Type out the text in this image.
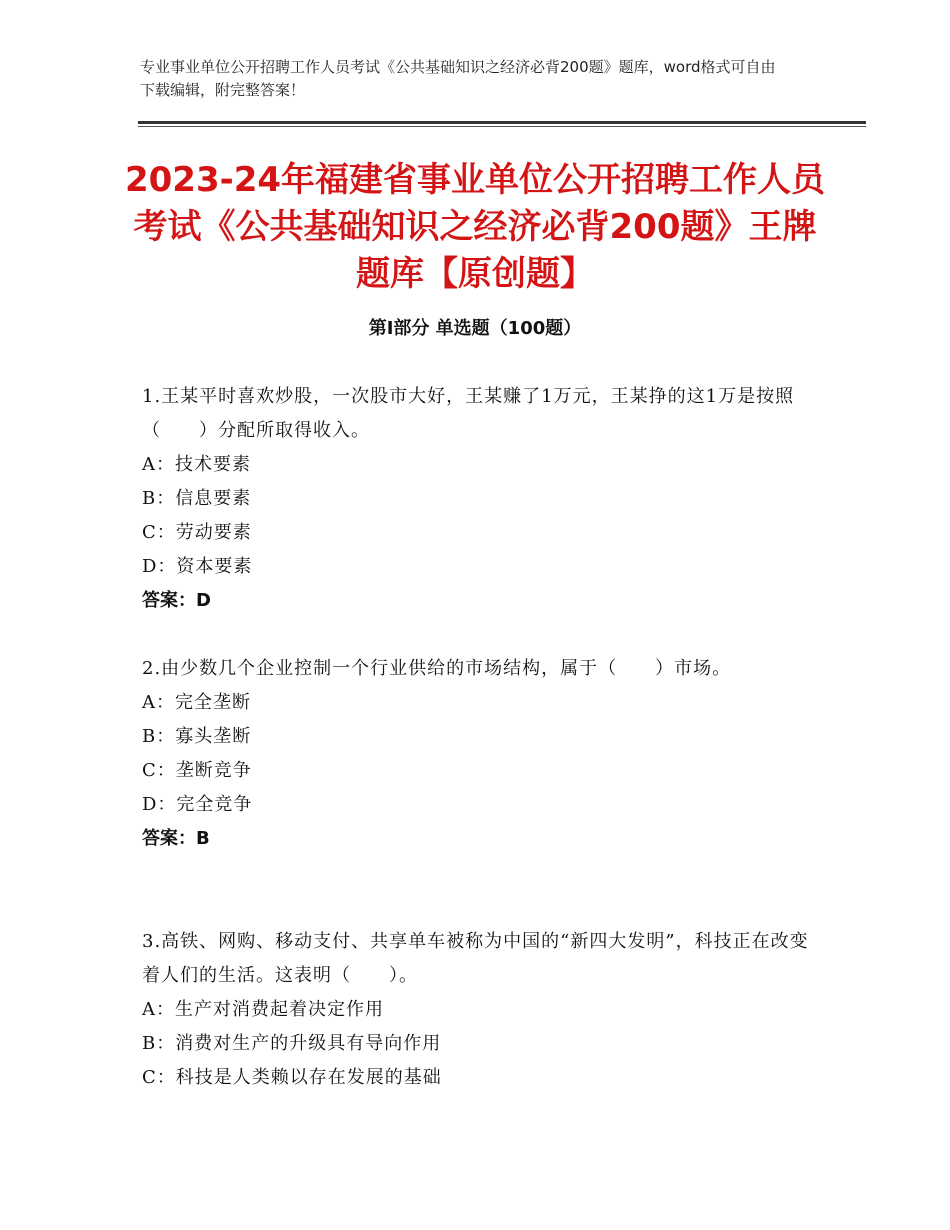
专业事业单位公开招聘工作人员考试《公共基础知识之经济必背200题》题库，word格式可自由下载编辑，附完整答案！
2023-24年福建省事业单位公开招聘工作人员考试《公共基础知识之经济必背200题》王牌题库【原创题】
第Ⅰ部分 单选题（100题）
1.王某平时喜欢炒股，一次股市大好，王某赚了1万元，王某挣的这1万是按照（　　）分配所取得收入。
A：技术要素
B：信息要素
C：劳动要素
D：资本要素
答案：D
2.由少数几个企业控制一个行业供给的市场结构，属于（　　）市场。
A：完全垄断
B：寡头垄断
C：垄断竞争
D：完全竞争
答案：B
3.高铁、网购、移动支付、共享单车被称为中国的“新四大发明”，科技正在改变着人们的生活。这表明（　　）。
A：生产对消费起着决定作用
B：消费对生产的升级具有导向作用
C：科技是人类赖以存在发展的基础
